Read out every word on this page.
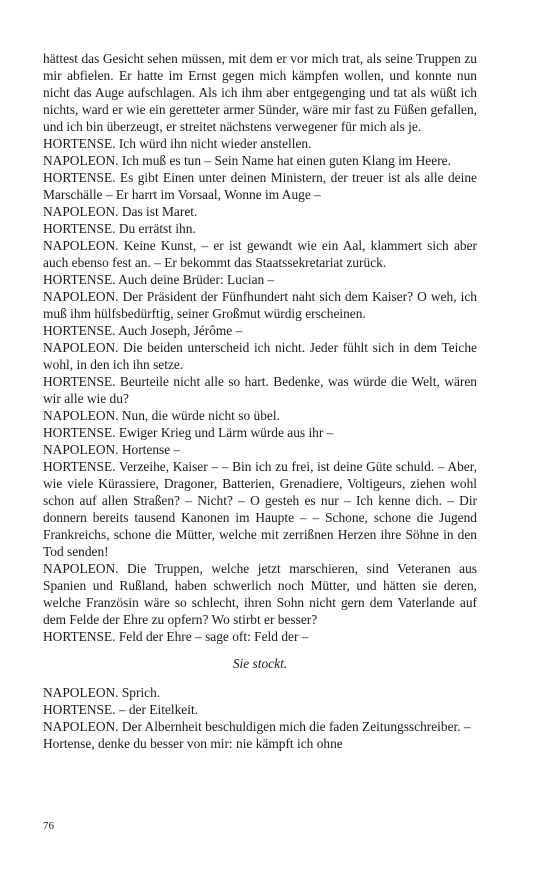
hättest das Gesicht sehen müssen, mit dem er vor mich trat, als seine Truppen zu mir abfielen. Er hatte im Ernst gegen mich kämpfen wollen, und konnte nun nicht das Auge aufschlagen. Als ich ihm aber entgegenging und tat als wüßt ich nichts, ward er wie ein geretteter armer Sünder, wäre mir fast zu Füßen gefallen, und ich bin überzeugt, er streitet nächstens verwegener für mich als je.

HORTENSE. Ich würd ihn nicht wieder anstellen.

NAPOLEON. Ich muß es tun – Sein Name hat einen guten Klang im Heere.

HORTENSE. Es gibt Einen unter deinen Ministern, der treuer ist als alle deine Marschälle – Er harrt im Vorsaal, Wonne im Auge –

NAPOLEON. Das ist Maret.

HORTENSE. Du errätst ihn.

NAPOLEON. Keine Kunst, – er ist gewandt wie ein Aal, klammert sich aber auch ebenso fest an. – Er bekommt das Staatssekretariat zurück.

HORTENSE. Auch deine Brüder: Lucian –

NAPOLEON. Der Präsident der Fünfhundert naht sich dem Kaiser? O weh, ich muß ihm hülfsbedürftig, seiner Großmut würdig erscheinen.

HORTENSE. Auch Joseph, Jérôme –

NAPOLEON. Die beiden unterscheid ich nicht. Jeder fühlt sich in dem Teiche wohl, in den ich ihn setze.

HORTENSE. Beurteile nicht alle so hart. Bedenke, was würde die Welt, wären wir alle wie du?

NAPOLEON. Nun, die würde nicht so übel.

HORTENSE. Ewiger Krieg und Lärm würde aus ihr –

NAPOLEON. Hortense –

HORTENSE. Verzeihe, Kaiser – – Bin ich zu frei, ist deine Güte schuld. – Aber, wie viele Kürassiere, Dragoner, Batterien, Grenadiere, Voltigeurs, ziehen wohl schon auf allen Straßen? – Nicht? – O gesteh es nur – Ich kenne dich. – Dir donnern bereits tausend Kanonen im Haupte – – Schone, schone die Jugend Frankreichs, schone die Mütter, welche mit zerrißnen Herzen ihre Söhne in den Tod senden!

NAPOLEON. Die Truppen, welche jetzt marschieren, sind Veteranen aus Spanien und Rußland, haben schwerlich noch Mütter, und hätten sie deren, welche Französin wäre so schlecht, ihren Sohn nicht gern dem Vaterlande auf dem Felde der Ehre zu opfern? Wo stirbt er besser?

HORTENSE. Feld der Ehre – sage oft: Feld der –

Sie stockt.

NAPOLEON. Sprich.

HORTENSE. – der Eitelkeit.

NAPOLEON. Der Albernheit beschuldigen mich die faden Zeitungsschreiber. – Hortense, denke du besser von mir: nie kämpft ich ohne

76
